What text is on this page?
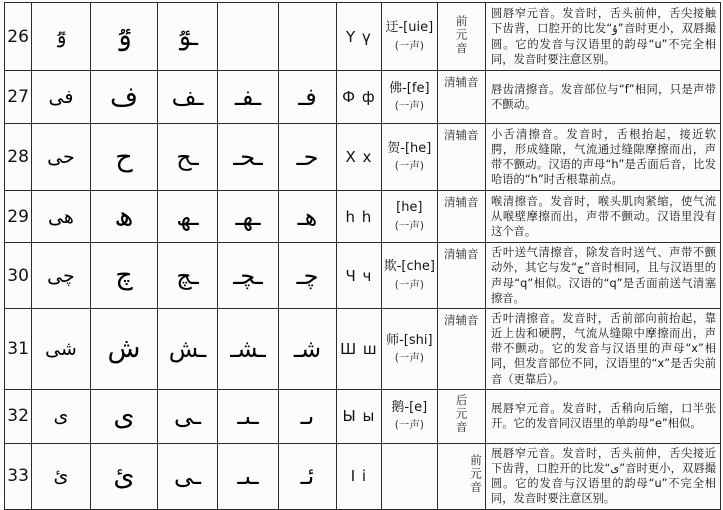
26	ٷ	ٷ	ـٷ			Ү ү	迂-[uie]
(一声)	前元音	圆唇窄元音。发音时，舌头前伸，舌尖接触下齿背，口腔开的比发“ۇ”音时更小，双唇撮圆。它的发音与汉语里的韵母“u”不完全相同，发音时要注意区别。
27	فى	ف	ـف	ـفـ	فـ	Ф ф	佛-[fe]
(一声)	清辅音	唇齿清擦音。发音部位与“f”相同，只是声带不颤动。
28	حى	ح	ـح	ـحـ	حـ	Х х	贺-[he]
(一声)	清辅音	小舌清擦音。发音时，舌根抬起，接近软腭，形成缝隙，气流通过缝隙摩擦而出，声带不颤动。汉语的声母“h”是舌面后音，比发哈语的“h”时舌根靠前点。
29	ھى	ھ	ـھ	ـھـ	ھـ	h h	[he]
(一声)	清辅音	喉清擦音。发音时，喉头肌肉紧缩，使气流从喉壁摩擦而出，声带不颤动。汉语里没有这个音。
30	چى	چ	ـچ	ـچـ	چـ	Ч ч	欺-[che]
(一声)	清辅音	舌叶送气清擦音，除发音时送气、声带不颤动外，其它与发“ج”音时相同，且与汉语里的声母“q”相似。汉语的“q”是舌面前送气清塞擦音。
31	شى	ش	ـش	ـشـ	شـ	Ш ш	师-[shi]
(一声)	清辅音	舌叶清擦音。发音时，舌前部向前抬起，靠近上齿和硬腭，气流从缝隙中摩擦而出，声带不颤动。它的发音与汉语里的声母“x”相同，但发音部位不同，汉语里的“x”是舌尖前音（更靠后）。
32	ى	ى	ـى	ـىـ	ىـ	Ы ы	鹅-[e]
(一声)	后元音	展唇窄元音。发音时，舌稍向后缩，口半张开。它的发音同汉语里的单韵母“e”相似。
33	ئ	ئ	ـى	ـىـ	ئـ	I i		前元音	展唇窄元音。发音时，舌头前伸，舌尖接近下齿背，口腔开的比发“ى”音时更小，双唇撮圆。它的发音与汉语里的韵母“u”不完全相同，发音时要注意区别。
